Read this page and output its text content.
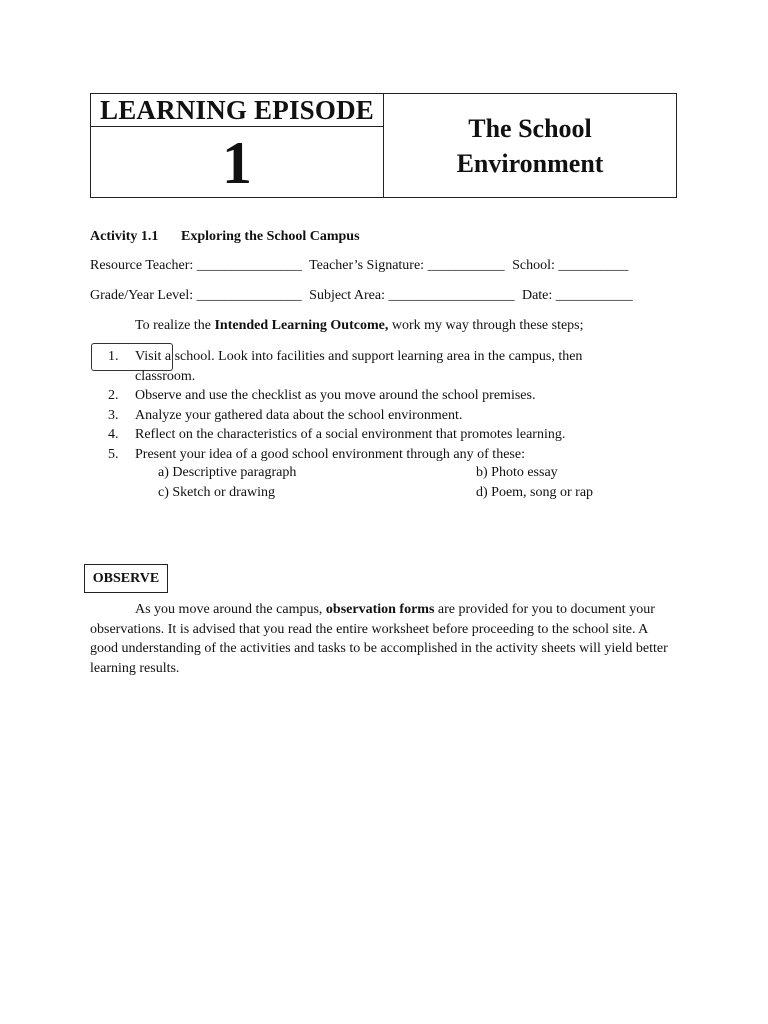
LEARNING EPISODE
1
The School
Environment
Activity 1.1 Exploring the School Campus
Resource Teacher: _______________ Teacher’s Signature: ___________ School: __________
Grade/Year Level: _______________ Subject Area: __________________ Date: ___________
To realize the Intended Learning Outcome, work my way through these steps;
1.	Visit a school. Look into facilities and support learning area in the campus, then classroom.
2.	Observe and use the checklist as you move around the school premises.
3.	Analyze your gathered data about the school environment.
4.	Reflect on the characteristics of a social environment that promotes learning.
5.	Present your idea of a good school environment through any of these:
a) Descriptive paragraph	b) Photo essay
c) Sketch or drawing	d) Poem, song or rap
OBSERVE
As you move around the campus, observation forms are provided for you to document your observations. It is advised that you read the entire worksheet before proceeding to the school site. A good understanding of the activities and tasks to be accomplished in the activity sheets will yield better learning results.
